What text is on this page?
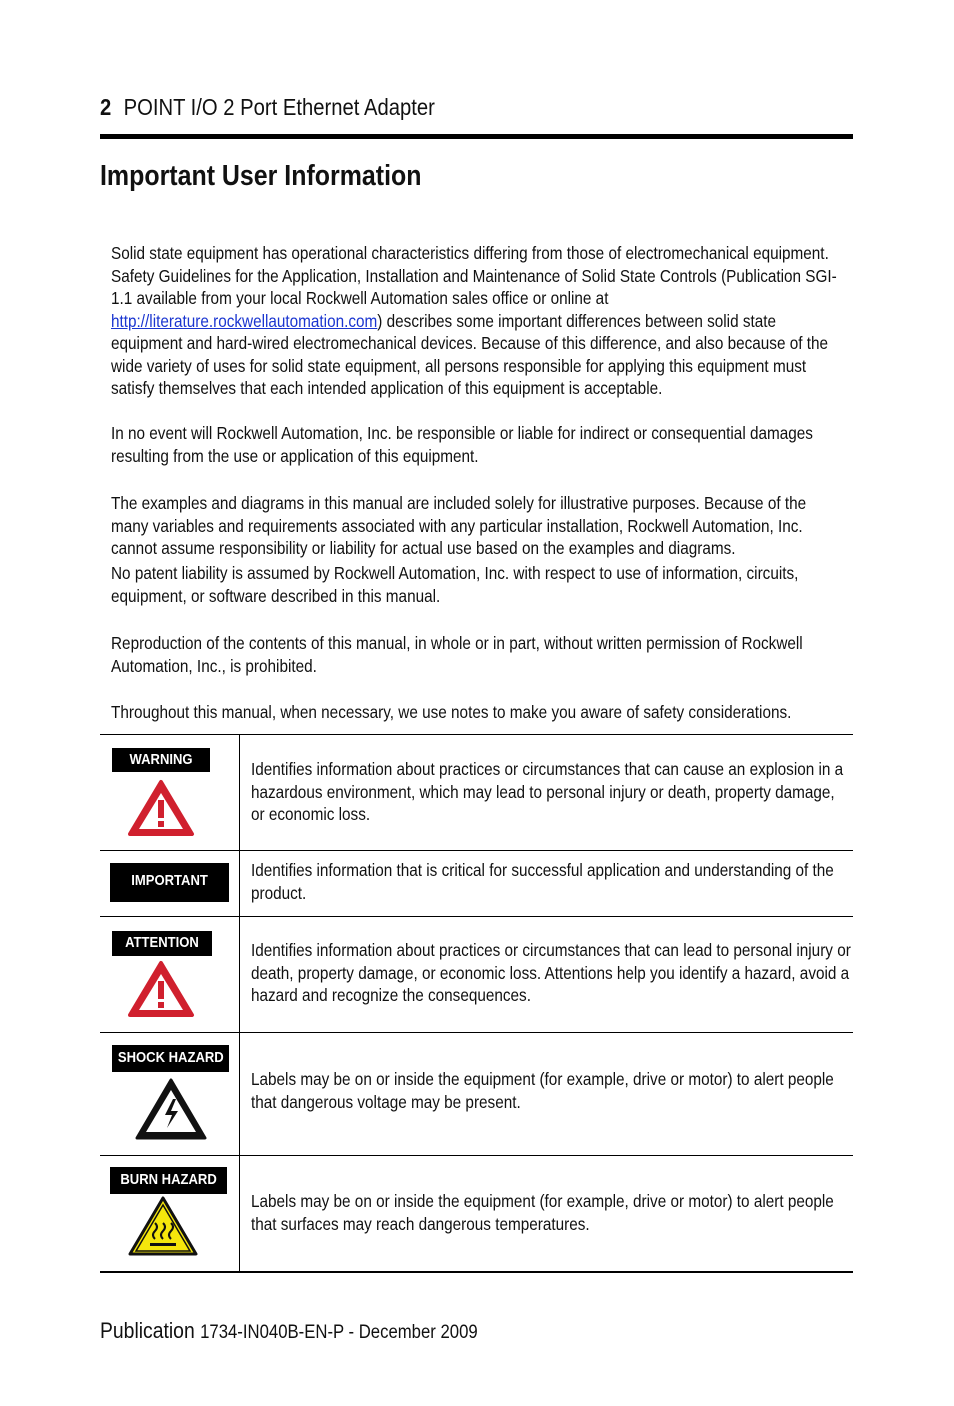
2 POINT I/O 2 Port Ethernet Adapter
Important User Information

Solid state equipment has operational characteristics differing from those of electromechanical equipment. Safety Guidelines for the Application, Installation and Maintenance of Solid State Controls (Publication SGI-1.1 available from your local Rockwell Automation sales office or online at http://literature.rockwellautomation.com) describes some important differences between solid state equipment and hard-wired electromechanical devices. Because of this difference, and also because of the wide variety of uses for solid state equipment, all persons responsible for applying this equipment must satisfy themselves that each intended application of this equipment is acceptable.

In no event will Rockwell Automation, Inc. be responsible or liable for indirect or consequential damages resulting from the use or application of this equipment.

The examples and diagrams in this manual are included solely for illustrative purposes. Because of the many variables and requirements associated with any particular installation, Rockwell Automation, Inc. cannot assume responsibility or liability for actual use based on the examples and diagrams.

No patent liability is assumed by Rockwell Automation, Inc. with respect to use of information, circuits, equipment, or software described in this manual.

Reproduction of the contents of this manual, in whole or in part, without written permission of Rockwell Automation, Inc., is prohibited.

Throughout this manual, when necessary, we use notes to make you aware of safety considerations.

WARNING	Identifies information about practices or circumstances that can cause an explosion in a hazardous environment, which may lead to personal injury or death, property damage, or economic loss.

IMPORTANT

Identifies information that is critical for successful application and understanding of the product.

ATTENTION	Identifies information about practices or circumstances that can lead to personal injury or death, property damage, or economic loss. Attentions help you identify a hazard, avoid a hazard and recognize the consequences.

SHOCK HAZARD

Labels may be on or inside the equipment (for example, drive or motor) to alert people that dangerous voltage may be present.

BURN HAZARD

Labels may be on or inside the equipment (for example, drive or motor) to alert people that surfaces may reach dangerous temperatures.

Publication 1734-IN040B-EN-P - December 2009
